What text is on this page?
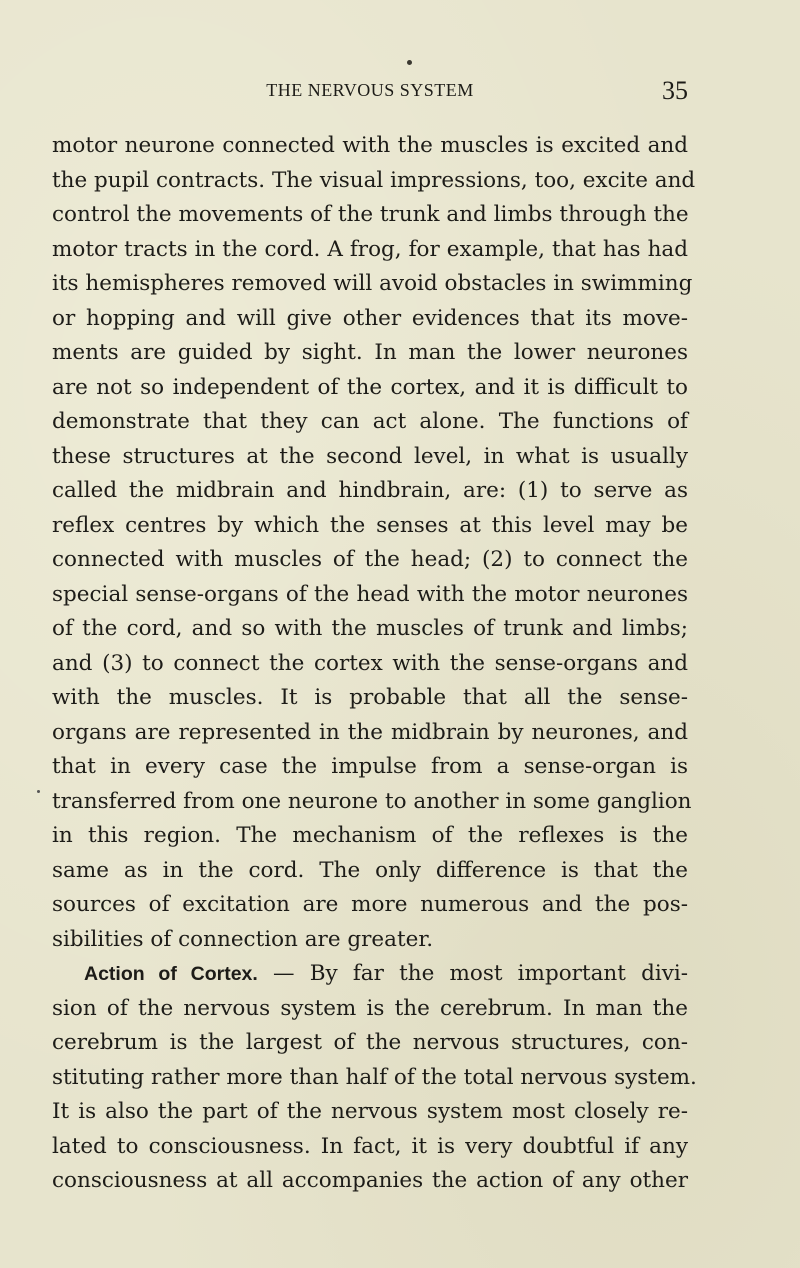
THE NERVOUS SYSTEM	35
motor neurone connected with the muscles is excited and
the pupil contracts. The visual impressions, too, excite and
control the movements of the trunk and limbs through the
motor tracts in the cord. A frog, for example, that has had
its hemispheres removed will avoid obstacles in swimming
or hopping and will give other evidences that its move-
ments are guided by sight. In man the lower neurones
are not so independent of the cortex, and it is difficult to
demonstrate that they can act alone. The functions of
these structures at the second level, in what is usually
called the midbrain and hindbrain, are: (1) to serve as
reflex centres by which the senses at this level may be
connected with muscles of the head; (2) to connect the
special sense-organs of the head with the motor neurones
of the cord, and so with the muscles of trunk and limbs;
and (3) to connect the cortex with the sense-organs and
with the muscles. It is probable that all the sense-
organs are represented in the midbrain by neurones, and
that in every case the impulse from a sense-organ is
transferred from one neurone to another in some ganglion
in this region. The mechanism of the reflexes is the
same as in the cord. The only difference is that the
sources of excitation are more numerous and the pos-
sibilities of connection are greater.
Action of Cortex. — By far the most important divi-
sion of the nervous system is the cerebrum. In man the
cerebrum is the largest of the nervous structures, con-
stituting rather more than half of the total nervous system.
It is also the part of the nervous system most closely re-
lated to consciousness. In fact, it is very doubtful if any
consciousness at all accompanies the action of any other
